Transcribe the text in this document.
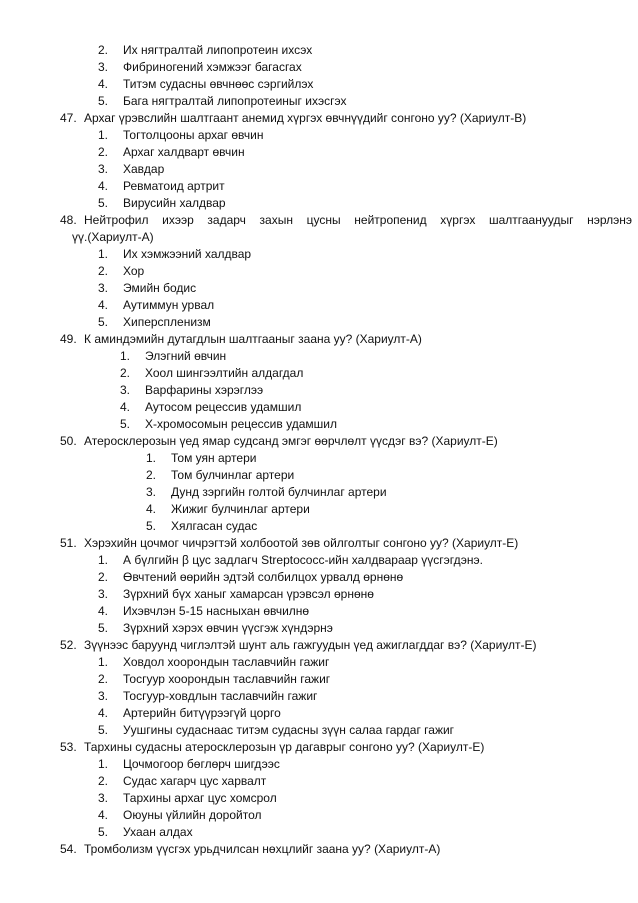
2. Их нягтралтай липопротеин ихсэх
3. Фибриногений хэмжээг багасгах
4. Титэм судасны өвчнөөс сэргийлэх
5. Бага нягтралтай липопротеиныг ихэсгэх
47. Архаг үрэвслийн шалтгаант анемид хүргэх өвчнүүдийг сонгоно уу? (Хариулт-В)
1. Тогтолцооны архаг өвчин
2. Архаг халдварт өвчин
3. Хавдар
4. Ревматоид артрит
5. Вирусийн халдвар
48. Нейтрофил ихээр задарч захын цусны нейтропенид хүргэх шалтгаануудыг нэрлэнэ
үү.(Хариулт-А)
1. Их хэмжээний халдвар
2. Хор
3. Эмийн бодис
4. Аутиммун урвал
5. Хиперспленизм
49. К аминдэмийн дутагдлын шалтгааныг заана уу? (Хариулт-А)
1. Элэгний өвчин
2. Хоол шингээлтийн алдагдал
3. Варфарины хэрэглээ
4. Аутосом рецессив удамшил
5. Х-хромосомын рецессив удамшил
50. Атеросклерозын үед ямар судсанд эмгэг өөрчлөлт үүсдэг вэ? (Хариулт-Е)
1. Том уян артери
2. Том булчинлаг артери
3. Дунд зэргийн голтой булчинлаг артери
4. Жижиг булчинлаг артери
5. Хялгасан судас
51. Хэрэхийн цочмог чичрэгтэй холбоотой зөв ойлголтыг сонгоно уу? (Хариулт-Е)
1. А бүлгийн β цус задлагч Streptococc-ийн халдвараар үүсгэгдэнэ.
2. Өвчтений өөрийн эдтэй солбилцох урвалд өрнөнө
3. Зүрхний бүх ханыг хамарсан үрэвсэл өрнөнө
4. Ихэвчлэн 5-15 насныхан өвчилнө
5. Зүрхний хэрэх өвчин үүсгэж хүндэрнэ
52. Зүүнээс баруунд чиглэлтэй шунт аль гажгуудын үед ажиглагддаг вэ? (Хариулт-Е)
1. Ховдол хоорондын таславчийн гажиг
2. Тосгуур хоорондын таславчийн гажиг
3. Тосгуур-ховдлын таславчийн гажиг
4. Артерийн битүүрээгүй цорго
5. Уушгины судаснаас титэм судасны зүүн салаа гардаг гажиг
53. Тархины судасны атеросклерозын үр дагаврыг сонгоно уу? (Хариулт-Е)
1. Цочмогоор бөглөрч шигдээс
2. Судас хагарч цус харвалт
3. Тархины архаг цус хомсрол
4. Оюуны үйлийн доройтол
5. Ухаан алдах
54. Тромболизм үүсгэх урьдчилсан нөхцлийг заана уу? (Хариулт-А)
